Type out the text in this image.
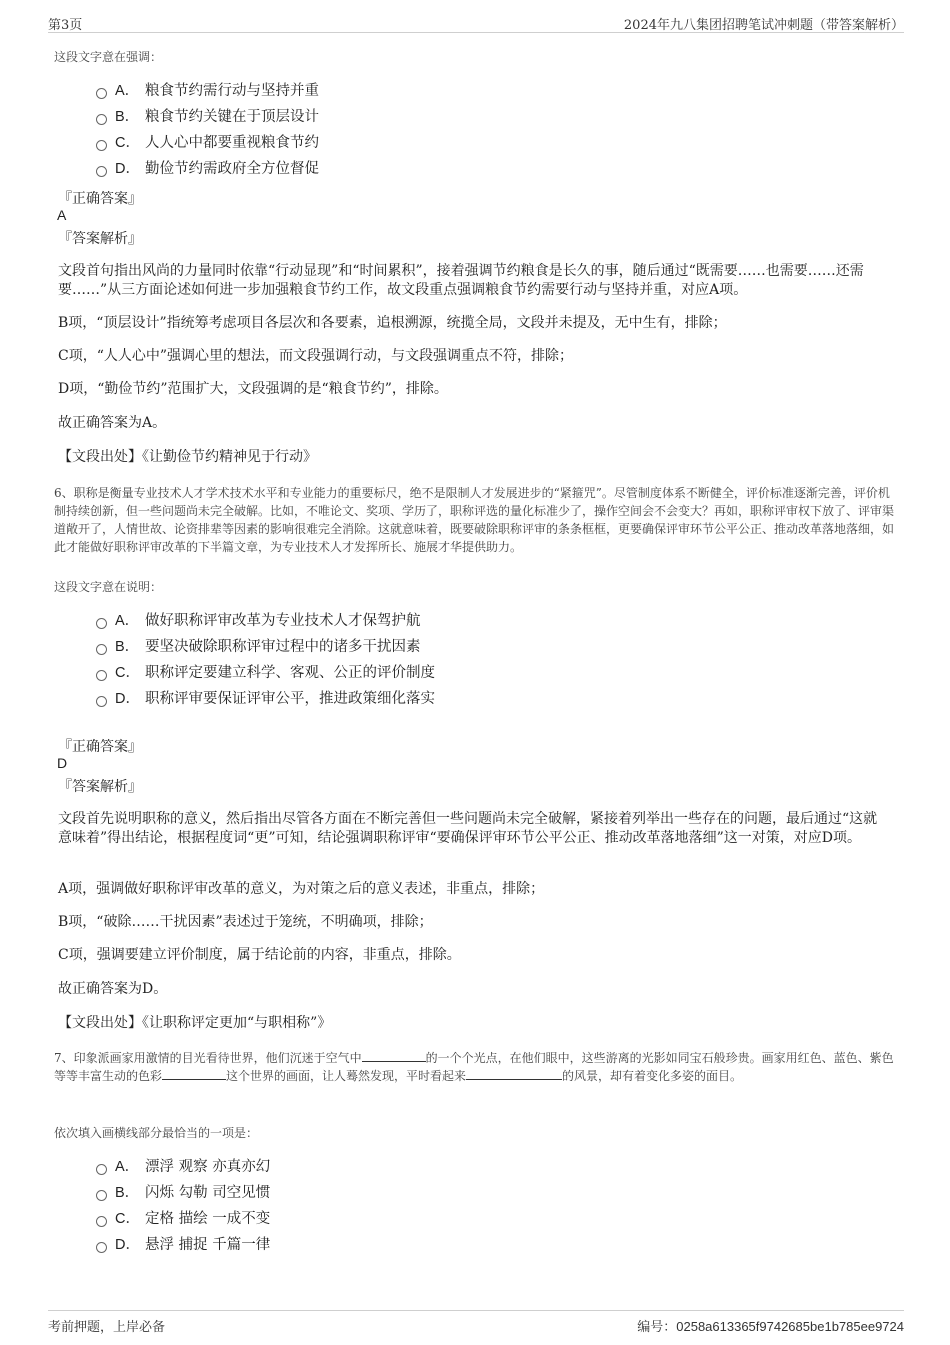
第3页	2024年九八集团招聘笔试冲刺题（带答案解析）
这段文字意在强调：
A． 粮食节约需行动与坚持并重
B． 粮食节约关键在于顶层设计
C． 人人心中都要重视粮食节约
D． 勤俭节约需政府全方位督促
『正确答案』
A
『答案解析』
文段首句指出风尚的力量同时依靠“行动显现”和“时间累积”，接着强调节约粮食是长久的事，随后通过“既需要……也需要……还需要……”从三方面论述如何进一步加强粮食节约工作，故文段重点强调粮食节约需要行动与坚持并重，对应A项。
B项，“顶层设计”指统筹考虑项目各层次和各要素，追根溯源，统揽全局，文段并未提及，无中生有，排除；
C项，“人人心中”强调心里的想法，而文段强调行动，与文段强调重点不符，排除；
D项，“勤俭节约”范围扩大，文段强调的是“粮食节约”，排除。
故正确答案为A。
【文段出处】《让勤俭节约精神见于行动》
6、职称是衡量专业技术人才学术技术水平和专业能力的重要标尺，绝不是限制人才发展进步的“紧箍咒”。尽管制度体系不断健全，评价标准逐渐完善，评价机制持续创新，但一些问题尚未完全破解。比如，不唯论文、奖项、学历了，职称评选的量化标准少了，操作空间会不会变大？再如，职称评审权下放了、评审渠道敞开了，人情世故、论资排辈等因素的影响很难完全消除。这就意味着，既要破除职称评审的条条框框，更要确保评审环节公平公正、推动改革落地落细，如此才能做好职称评审改革的下半篇文章，为专业技术人才发挥所长、施展才华提供助力。
这段文字意在说明：
A． 做好职称评审改革为专业技术人才保驾护航
B． 要坚决破除职称评审过程中的诸多干扰因素
C． 职称评定要建立科学、客观、公正的评价制度
D． 职称评审要保证评审公平，推进政策细化落实
『正确答案』
D
『答案解析』
文段首先说明职称的意义，然后指出尽管各方面在不断完善但一些问题尚未完全破解，紧接着列举出一些存在的问题，最后通过“这就意味着”得出结论，根据程度词“更”可知，结论强调职称评审“要确保评审环节公平公正、推动改革落地落细”这一对策，对应D项。
A项，强调做好职称评审改革的意义，为对策之后的意义表述，非重点，排除；
B项，“破除……干扰因素”表述过于笼统，不明确项，排除；
C项，强调要建立评价制度，属于结论前的内容，非重点，排除。
故正确答案为D。
【文段出处】《让职称评定更加“与职相称”》
7、印象派画家用激情的目光看待世界，他们沉迷于空气中	的一个个光点，在他们眼中，这些游离的光影如同宝石般珍贵。画家用红色、蓝色、紫色等等丰富生动的色彩	这个世界的画面，让人蓦然发现，平时看起来	的风景，却有着变化多姿的面目。
依次填入画横线部分最恰当的一项是：
A． 漂浮 观察 亦真亦幻
B． 闪烁 勾勒 司空见惯
C． 定格 描绘 一成不变
D． 悬浮 捕捉 千篇一律
考前押题，上岸必备	编号：0258a613365f9742685be1b785ee9724
